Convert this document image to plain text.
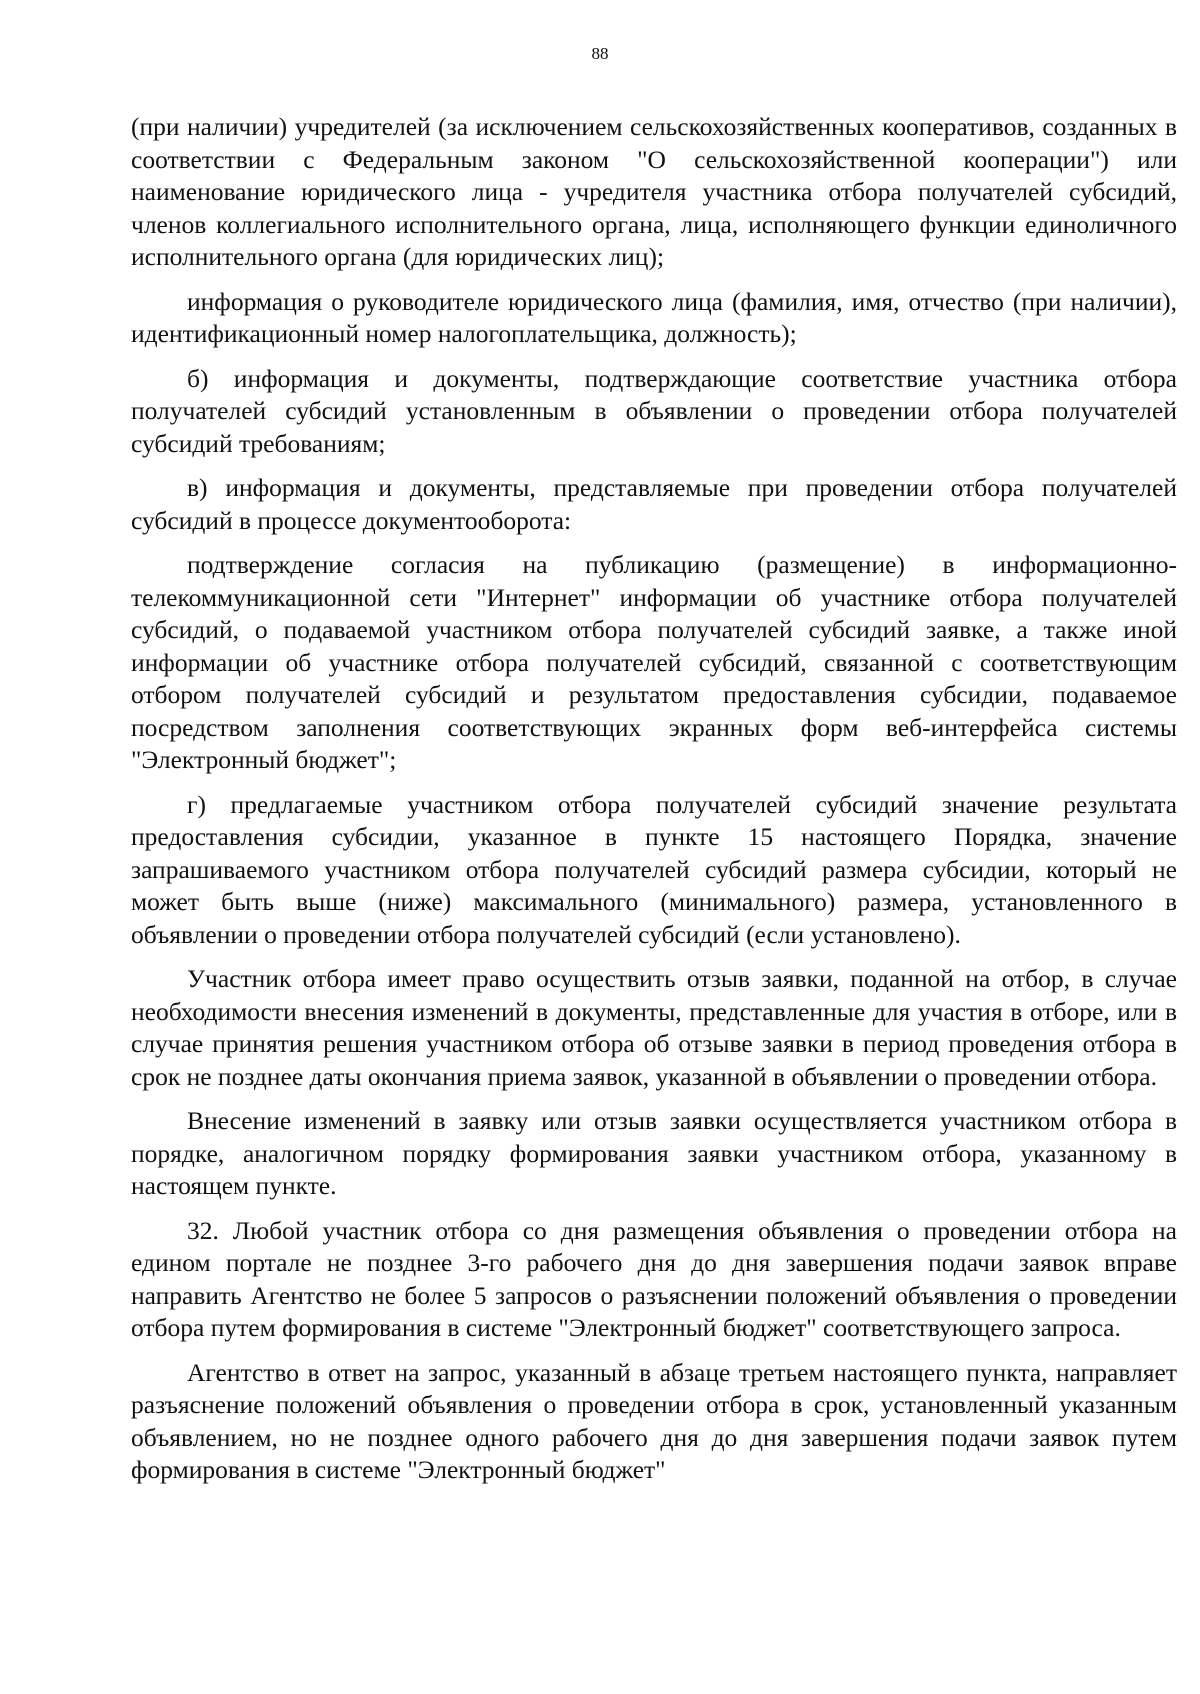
88

(при наличии) учредителей (за исключением сельскохозяйственных кооперативов, созданных в соответствии с Федеральным законом "О сельскохозяйственной кооперации") или наименование юридического лица - учредителя участника отбора получателей субсидий, членов коллегиального исполнительного органа, лица, исполняющего функции единоличного исполнительного органа (для юридических лиц);

информация о руководителе юридического лица (фамилия, имя, отчество (при наличии), идентификационный номер налогоплательщика, должность);

б) информация и документы, подтверждающие соответствие участника отбора получателей субсидий установленным в объявлении о проведении отбора получателей субсидий требованиям;

в) информация и документы, представляемые при проведении отбора получателей субсидий в процессе документооборота:

подтверждение согласия на публикацию (размещение) в информационно-телекоммуникационной сети "Интернет" информации об участнике отбора получателей субсидий, о подаваемой участником отбора получателей субсидий заявке, а также иной информации об участнике отбора получателей субсидий, связанной с соответствующим отбором получателей субсидий и результатом предоставления субсидии, подаваемое посредством заполнения соответствующих экранных форм веб-интерфейса системы "Электронный бюджет";

г) предлагаемые участником отбора получателей субсидий значение результата предоставления субсидии, указанное в пункте 15 настоящего Порядка, значение запрашиваемого участником отбора получателей субсидий размера субсидии, который не может быть выше (ниже) максимального (минимального) размера, установленного в объявлении о проведении отбора получателей субсидий (если установлено).

Участник отбора имеет право осуществить отзыв заявки, поданной на отбор, в случае необходимости внесения изменений в документы, представленные для участия в отборе, или в случае принятия решения участником отбора об отзыве заявки в период проведения отбора в срок не позднее даты окончания приема заявок, указанной в объявлении о проведении отбора.

Внесение изменений в заявку или отзыв заявки осуществляется участником отбора в порядке, аналогичном порядку формирования заявки участником отбора, указанному в настоящем пункте.

32. Любой участник отбора со дня размещения объявления о проведении отбора на едином портале не позднее 3-го рабочего дня до дня завершения подачи заявок вправе направить Агентство не более 5 запросов о разъяснении положений объявления о проведении отбора путем формирования в системе "Электронный бюджет" соответствующего запроса.

Агентство в ответ на запрос, указанный в абзаце третьем настоящего пункта, направляет разъяснение положений объявления о проведении отбора в срок, установленный указанным объявлением, но не позднее одного рабочего дня до дня завершения подачи заявок путем формирования в системе "Электронный бюджет"
